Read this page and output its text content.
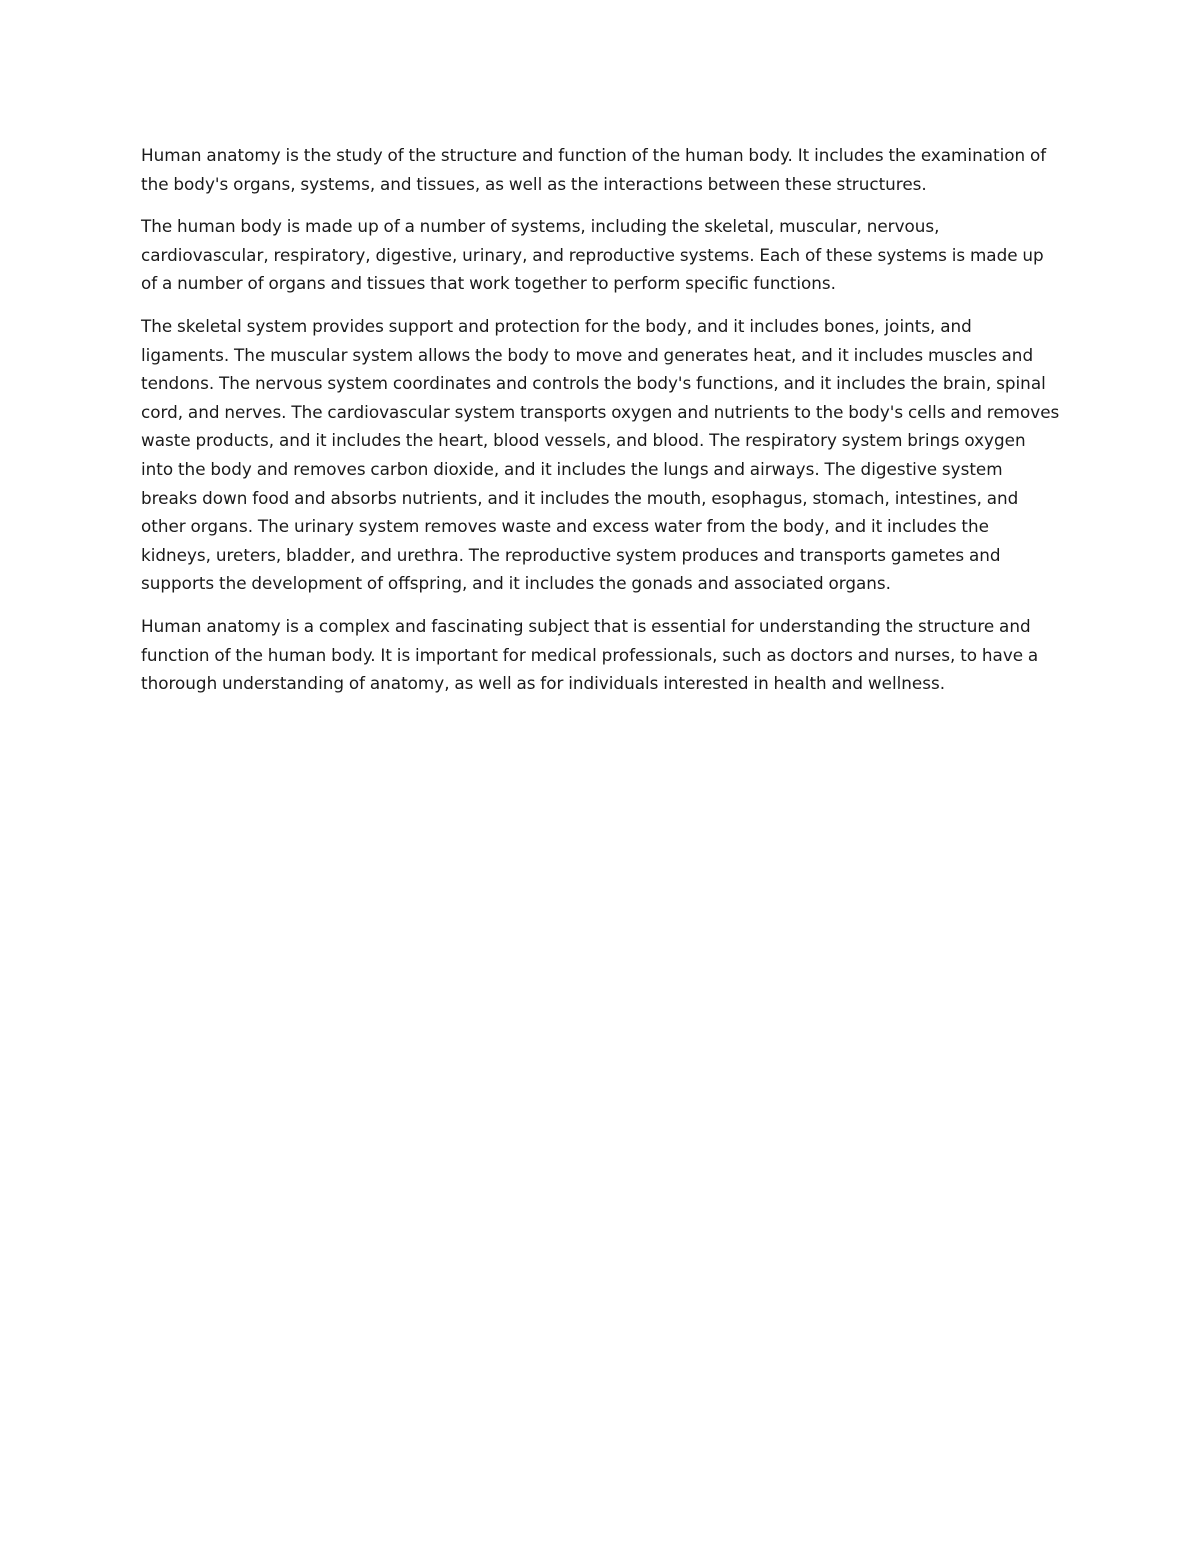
Human anatomy is the study of the structure and function of the human body. It includes the examination of the body's organs, systems, and tissues, as well as the interactions between these structures.

The human body is made up of a number of systems, including the skeletal, muscular, nervous, cardiovascular, respiratory, digestive, urinary, and reproductive systems. Each of these systems is made up of a number of organs and tissues that work together to perform specific functions.

The skeletal system provides support and protection for the body, and it includes bones, joints, and ligaments. The muscular system allows the body to move and generates heat, and it includes muscles and tendons. The nervous system coordinates and controls the body's functions, and it includes the brain, spinal cord, and nerves. The cardiovascular system transports oxygen and nutrients to the body's cells and removes waste products, and it includes the heart, blood vessels, and blood. The respiratory system brings oxygen into the body and removes carbon dioxide, and it includes the lungs and airways. The digestive system breaks down food and absorbs nutrients, and it includes the mouth, esophagus, stomach, intestines, and other organs. The urinary system removes waste and excess water from the body, and it includes the kidneys, ureters, bladder, and urethra. The reproductive system produces and transports gametes and supports the development of offspring, and it includes the gonads and associated organs.

Human anatomy is a complex and fascinating subject that is essential for understanding the structure and function of the human body. It is important for medical professionals, such as doctors and nurses, to have a thorough understanding of anatomy, as well as for individuals interested in health and wellness.
